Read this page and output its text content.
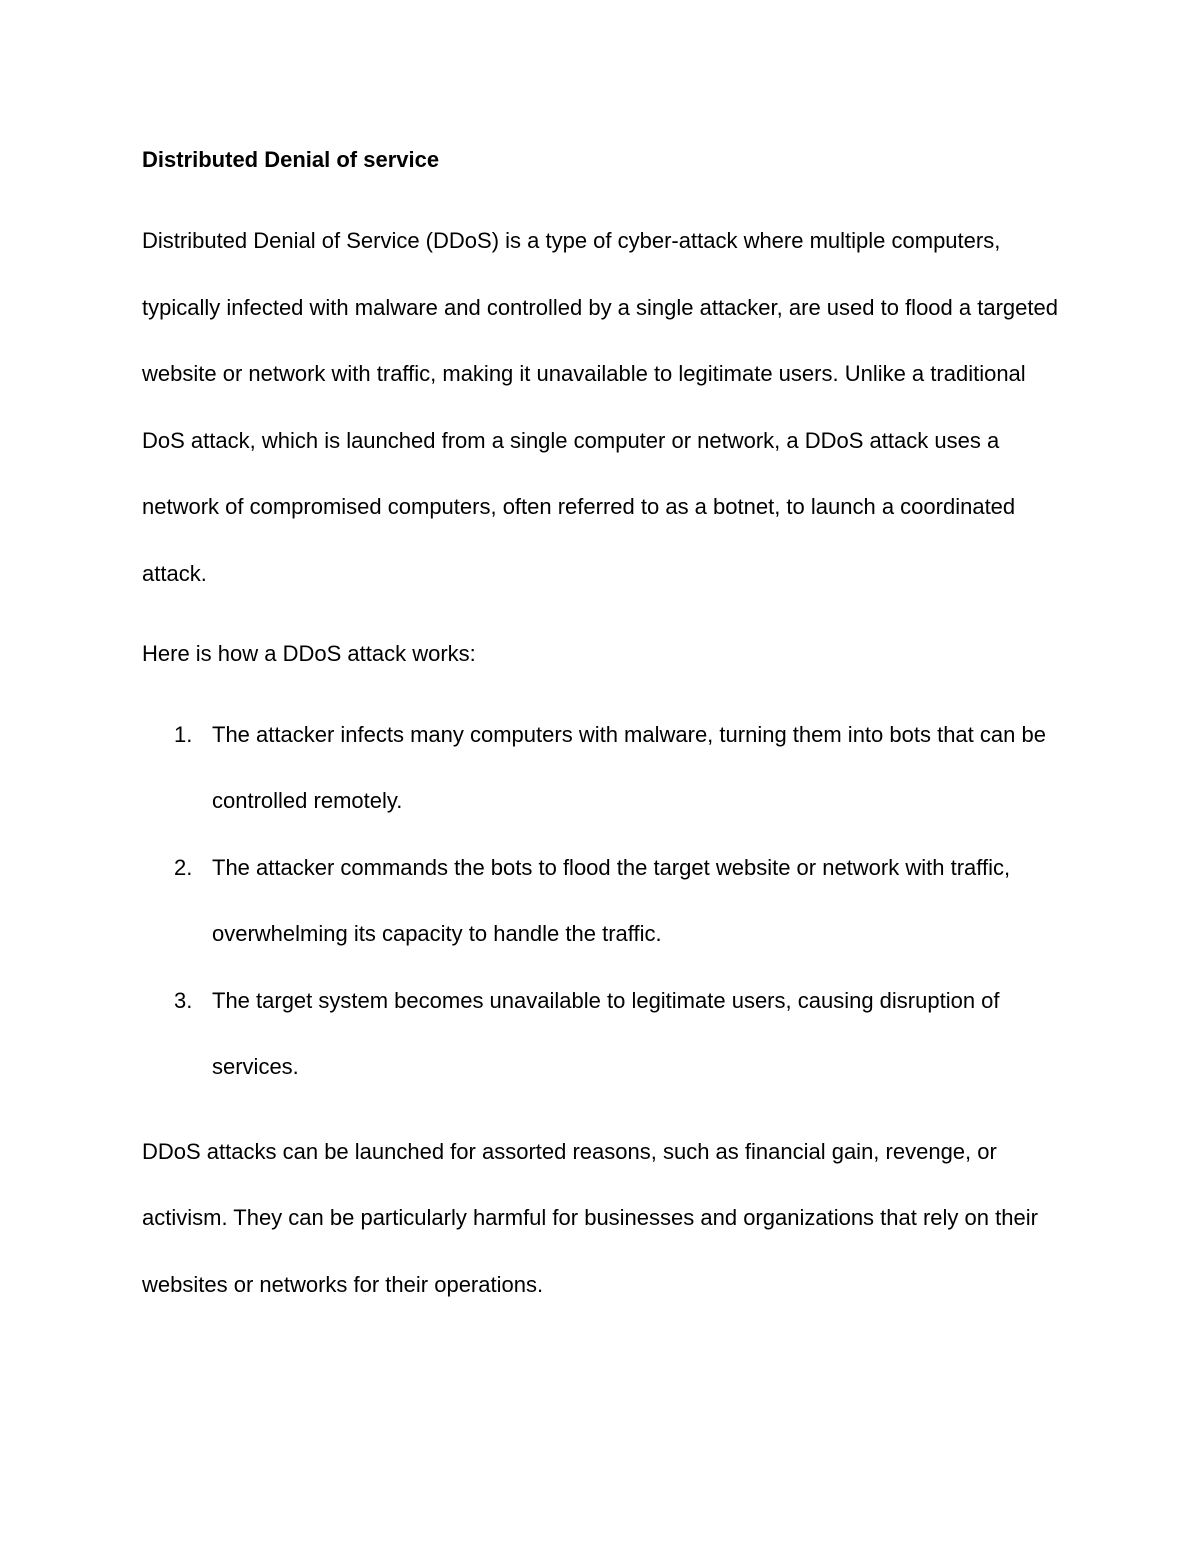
Distributed Denial of service

Distributed Denial of Service (DDoS) is a type of cyber-attack where multiple computers, typically infected with malware and controlled by a single attacker, are used to flood a targeted website or network with traffic, making it unavailable to legitimate users. Unlike a traditional DoS attack, which is launched from a single computer or network, a DDoS attack uses a network of compromised computers, often referred to as a botnet, to launch a coordinated attack.

Here is how a DDoS attack works:

1. The attacker infects many computers with malware, turning them into bots that can be controlled remotely.
2. The attacker commands the bots to flood the target website or network with traffic, overwhelming its capacity to handle the traffic.
3. The target system becomes unavailable to legitimate users, causing disruption of services.

DDoS attacks can be launched for assorted reasons, such as financial gain, revenge, or activism. They can be particularly harmful for businesses and organizations that rely on their websites or networks for their operations.
